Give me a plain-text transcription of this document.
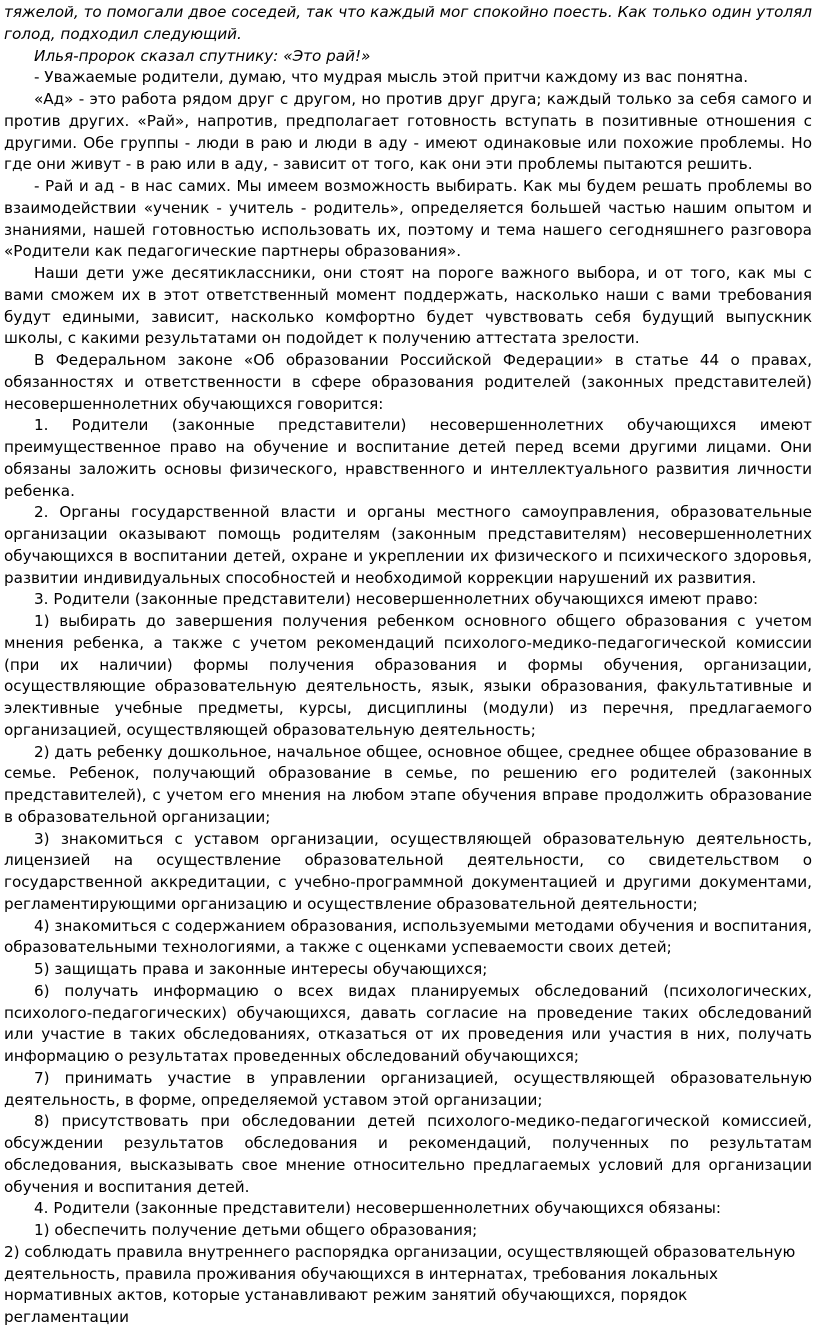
тяжелой, то помогали двое соседей, так что каждый мог спокойно поесть. Как только один утолял голод, подходил следующий.

Илья-пророк сказал спутнику: «Это рай!»

- Уважаемые родители, думаю, что мудрая мысль этой притчи каждому из вас понятна.

«Ад» - это работа рядом друг с другом, но против друг друга; каждый только за себя самого и против других. «Рай», напротив, предполагает готовность вступать в позитивные отношения с другими. Обе группы - люди в раю и люди в аду - имеют одинаковые или похожие проблемы. Но где они живут - в раю или в аду, - зависит от того, как они эти проблемы пытаются решить.

- Рай и ад - в нас самих. Мы имеем возможность выбирать. Как мы будем решать проблемы во взаимодействии «ученик - учитель - родитель», определяется большей частью нашим опытом и знаниями, нашей готовностью использовать их, поэтому и тема нашего сегодняшнего разговора «Родители как педагогические партнеры образования».

Наши дети уже десятиклассники, они стоят на пороге важного выбора, и от того, как мы с вами сможем их в этот ответственный момент поддержать, насколько наши с вами требования будут едиными, зависит, насколько комфортно будет чувствовать себя будущий выпускник школы, с какими результатами он подойдет к получению аттестата зрелости.

В Федеральном законе «Об образовании Российской Федерации» в статье 44 о правах, обязанностях и ответственности в сфере образования родителей (законных представителей) несовершеннолетних обучающихся говорится:

1. Родители (законные представители) несовершеннолетних обучающихся имеют преимущественное право на обучение и воспитание детей перед всеми другими лицами. Они обязаны заложить основы физического, нравственного и интеллектуального развития личности ребенка.

2. Органы государственной власти и органы местного самоуправления, образовательные организации оказывают помощь родителям (законным представителям) несовершеннолетних обучающихся в воспитании детей, охране и укреплении их физического и психического здоровья, развитии индивидуальных способностей и необходимой коррекции нарушений их развития.

3. Родители (законные представители) несовершеннолетних обучающихся имеют право:

1) выбирать до завершения получения ребенком основного общего образования с учетом мнения ребенка, а также с учетом рекомендаций психолого-медико-педагогической комиссии (при их наличии) формы получения образования и формы обучения, организации, осуществляющие образовательную деятельность, язык, языки образования, факультативные и элективные учебные предметы, курсы, дисциплины (модули) из перечня, предлагаемого организацией, осуществляющей образовательную деятельность;

2) дать ребенку дошкольное, начальное общее, основное общее, среднее общее образование в семье. Ребенок, получающий образование в семье, по решению его родителей (законных представителей), с учетом его мнения на любом этапе обучения вправе продолжить образование в образовательной организации;

3) знакомиться с уставом организации, осуществляющей образовательную деятельность, лицензией на осуществление образовательной деятельности, со свидетельством о государственной аккредитации, с учебно-программной документацией и другими документами, регламентирующими организацию и осуществление образовательной деятельности;

4) знакомиться с содержанием образования, используемыми методами обучения и воспитания, образовательными технологиями, а также с оценками успеваемости своих детей;

5) защищать права и законные интересы обучающихся;

6) получать информацию о всех видах планируемых обследований (психологических, психолого-педагогических) обучающихся, давать согласие на проведение таких обследований или участие в таких обследованиях, отказаться от их проведения или участия в них, получать информацию о результатах проведенных обследований обучающихся;

7) принимать участие в управлении организацией, осуществляющей образовательную деятельность, в форме, определяемой уставом этой организации;

8) присутствовать при обследовании детей психолого-медико-педагогической комиссией, обсуждении результатов обследования и рекомендаций, полученных по результатам обследования, высказывать свое мнение относительно предлагаемых условий для организации обучения и воспитания детей.

4. Родители (законные представители) несовершеннолетних обучающихся обязаны:

1) обеспечить получение детьми общего образования;

2) соблюдать правила внутреннего распорядка организации, осуществляющей образовательную деятельность, правила проживания обучающихся в интернатах, требования локальных нормативных актов, которые устанавливают режим занятий обучающихся, порядок регламентации
